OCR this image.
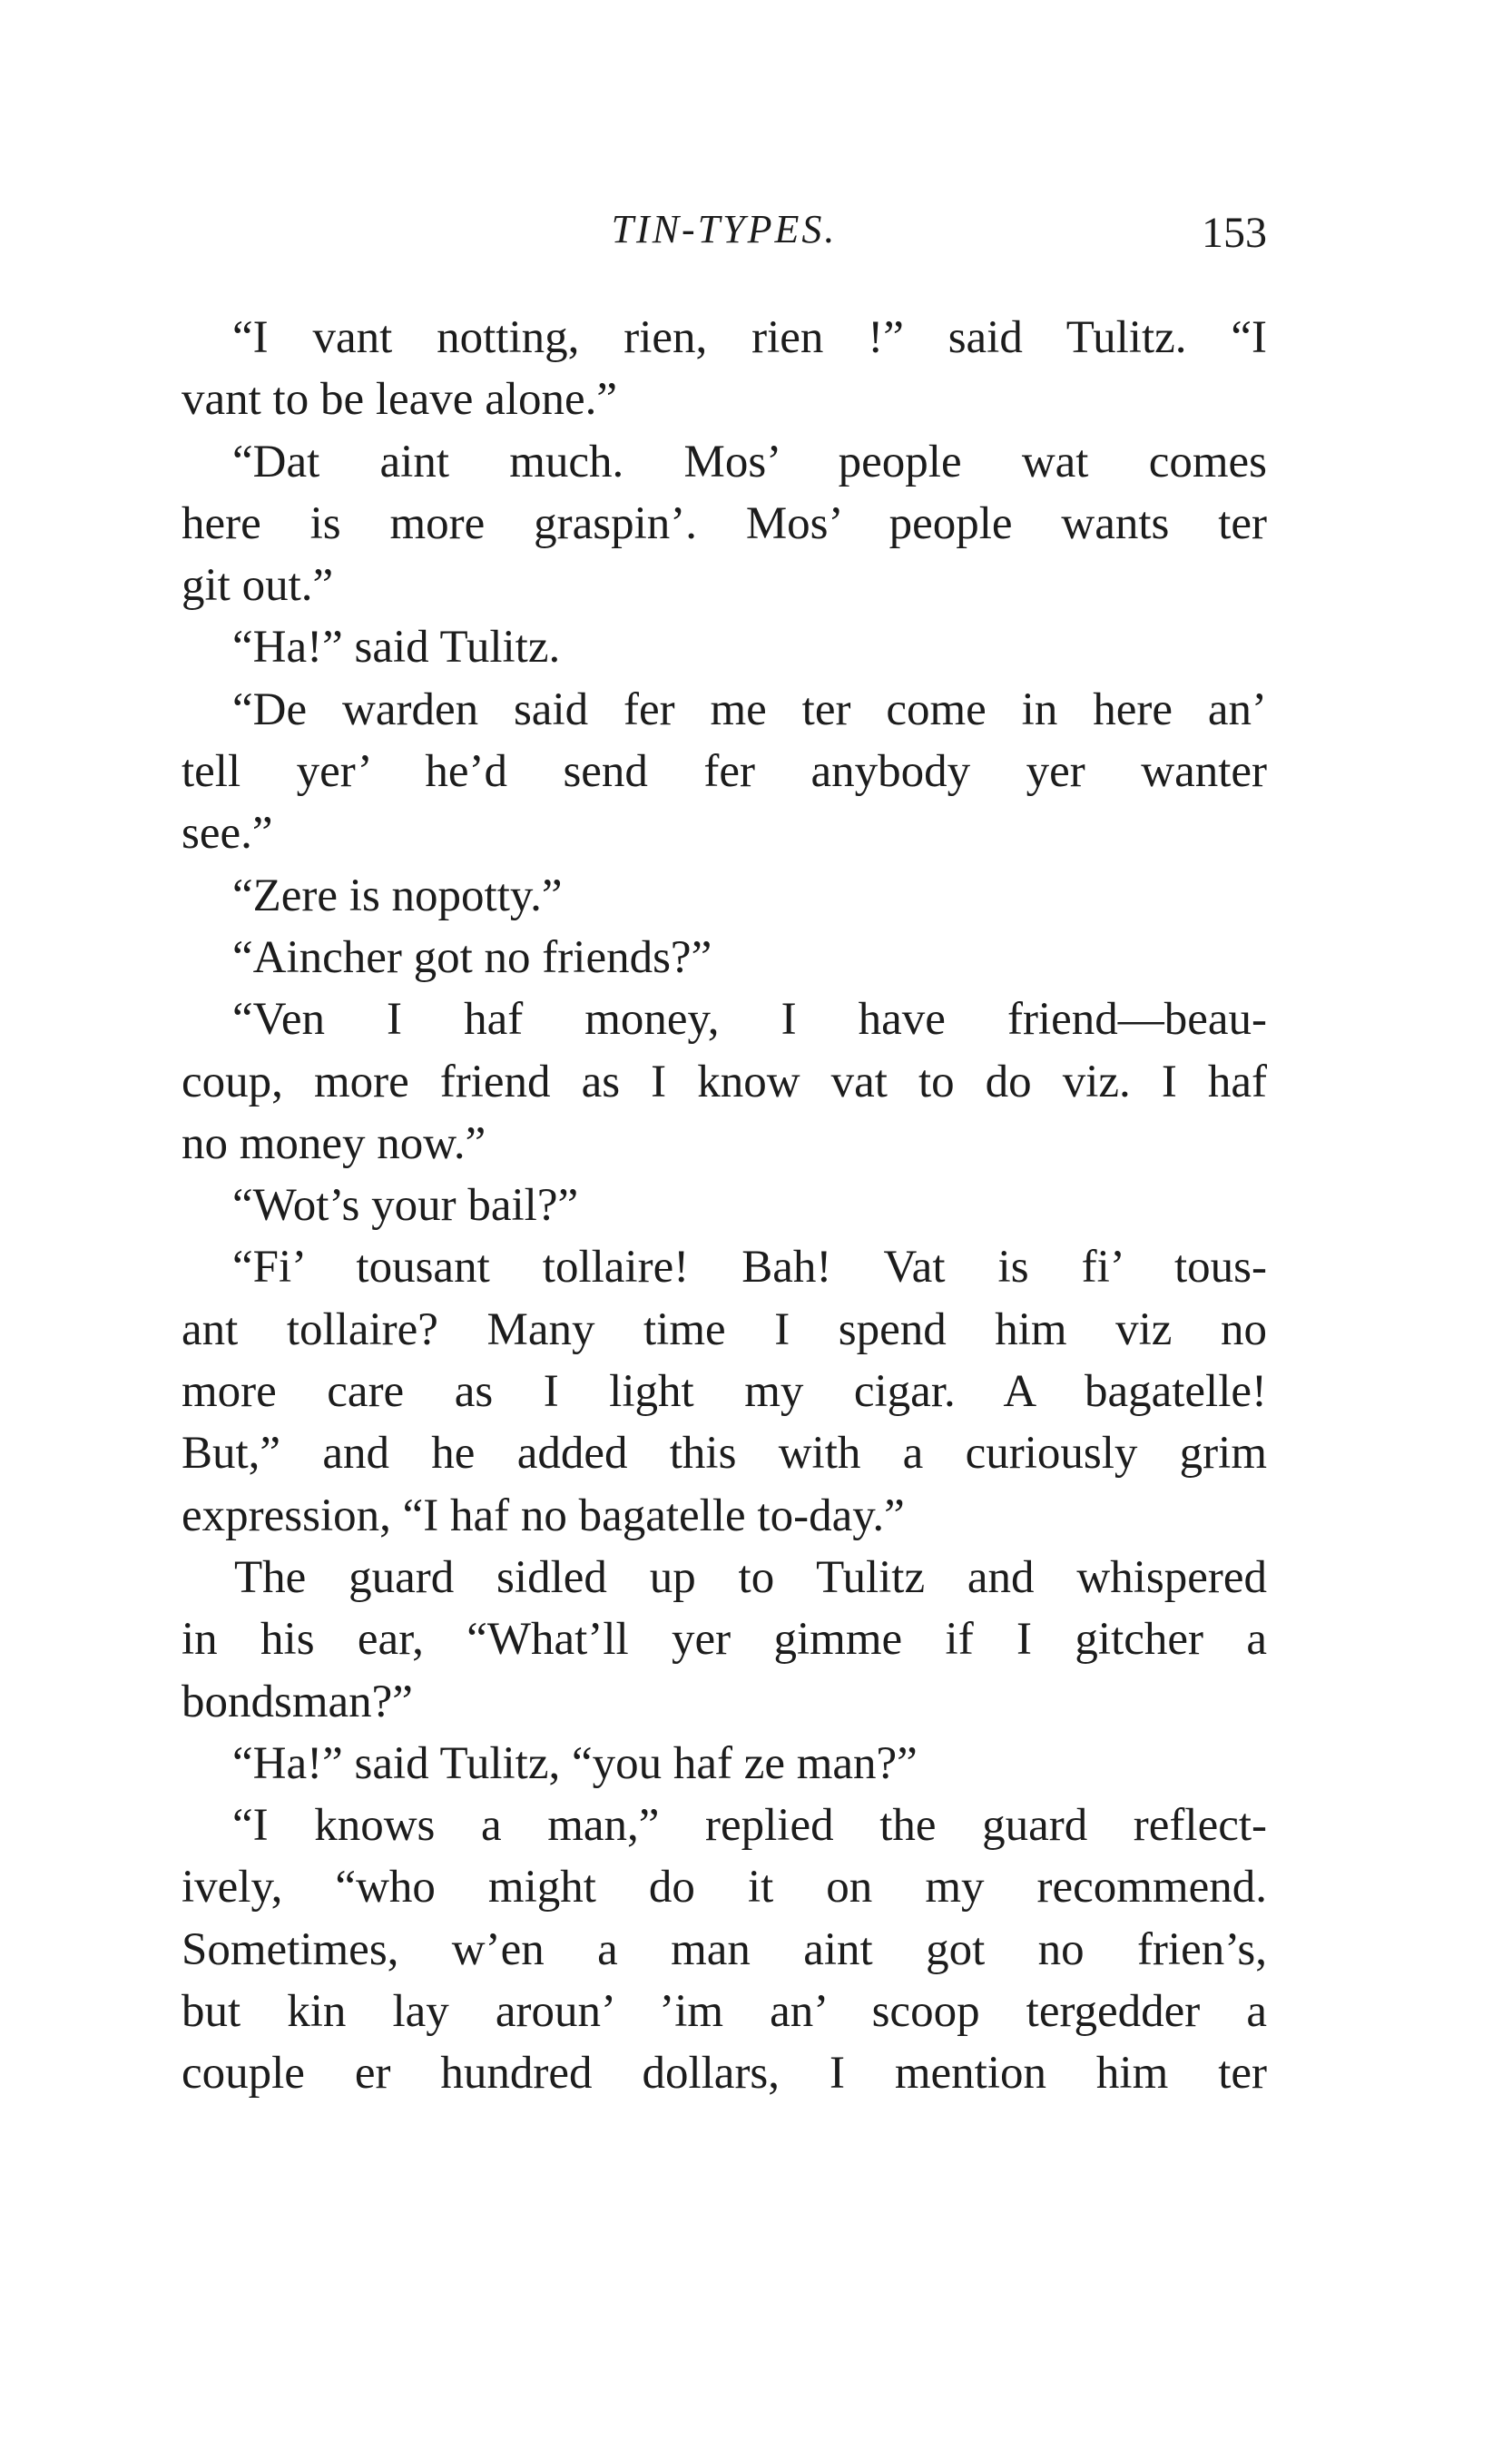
TIN-TYPES.	153
“I vant notting, rien, rien !” said Tulitz. “I
vant to be leave alone.”
“Dat aint much. Mos’ people wat comes
here is more graspin’. Mos’ people wants ter
git out.”
“Ha!” said Tulitz.
“De warden said fer me ter come in here an’
tell yer’ he’d send fer anybody yer wanter
see.”
“Zere is nopotty.”
“Aincher got no friends?”
“Ven I haf money, I have friend—beau-
coup, more friend as I know vat to do viz. I haf
no money now.”
“Wot’s your bail?”
“Fi’ tousant tollaire! Bah! Vat is fi’ tous-
ant tollaire? Many time I spend him viz no
more care as I light my cigar. A bagatelle!
But,” and he added this with a curiously grim
expression, “I haf no bagatelle to-day.”
The guard sidled up to Tulitz and whispered
in his ear, “What’ll yer gimme if I gitcher a
bondsman?”
“Ha!” said Tulitz, “you haf ze man?”
“I knows a man,” replied the guard reflect-
ively, “who might do it on my recommend.
Sometimes, w’en a man aint got no frien’s,
but kin lay aroun’ ’im an’ scoop tergedder a
couple er hundred dollars, I mention him ter
